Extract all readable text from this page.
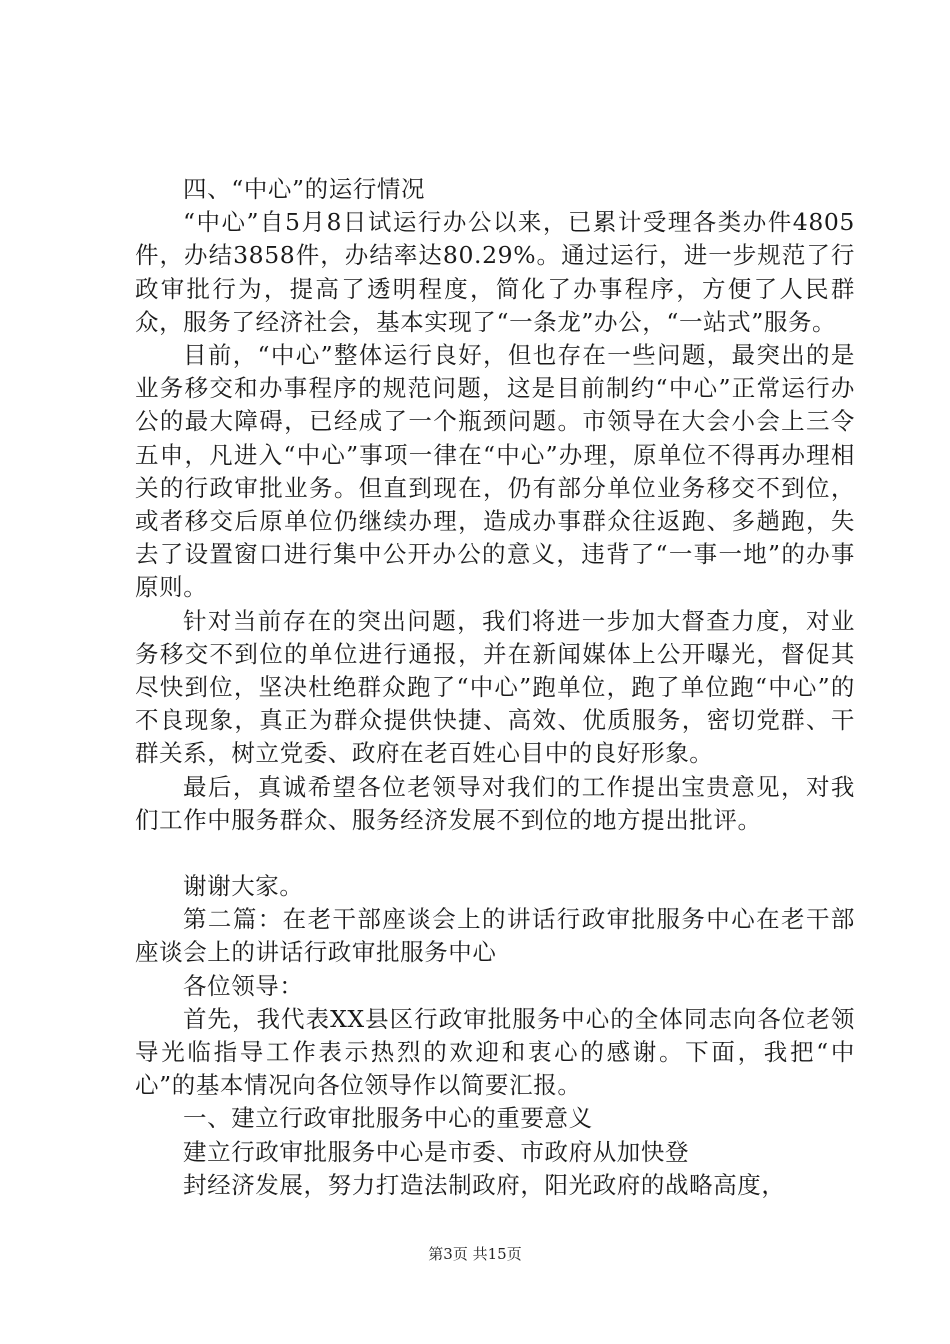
四、“中心”的运行情况

“中心”自5月8日试运行办公以来，已累计受理各类办件4805件，办结3858件，办结率达80.29%。通过运行，进一步规范了行政审批行为，提高了透明程度，简化了办事程序，方便了人民群众，服务了经济社会，基本实现了“一条龙”办公，“一站式”服务。

目前，“中心”整体运行良好，但也存在一些问题，最突出的是业务移交和办事程序的规范问题，这是目前制约“中心”正常运行办公的最大障碍，已经成了一个瓶颈问题。市领导在大会小会上三令五申，凡进入“中心”事项一律在“中心”办理，原单位不得再办理相关的行政审批业务。但直到现在，仍有部分单位业务移交不到位，或者移交后原单位仍继续办理，造成办事群众往返跑、多趟跑，失去了设置窗口进行集中公开办公的意义，违背了“一事一地”的办事原则。

针对当前存在的突出问题，我们将进一步加大督查力度，对业务移交不到位的单位进行通报，并在新闻媒体上公开曝光，督促其尽快到位，坚决杜绝群众跑了“中心”跑单位，跑了单位跑“中心”的不良现象，真正为群众提供快捷、高效、优质服务，密切党群、干群关系，树立党委、政府在老百姓心目中的良好形象。

最后，真诚希望各位老领导对我们的工作提出宝贵意见，对我们工作中服务群众、服务经济发展不到位的地方提出批评。

谢谢大家。

第二篇：在老干部座谈会上的讲话行政审批服务中心在老干部座谈会上的讲话行政审批服务中心

各位领导：

首先，我代表XX县区行政审批服务中心的全体同志向各位老领导光临指导工作表示热烈的欢迎和衷心的感谢。下面，我把“中心”的基本情况向各位领导作以简要汇报。

一、建立行政审批服务中心的重要意义

建立行政审批服务中心是市委、市政府从加快登

封经济发展，努力打造法制政府，阳光政府的战略高度，

第3页 共15页
